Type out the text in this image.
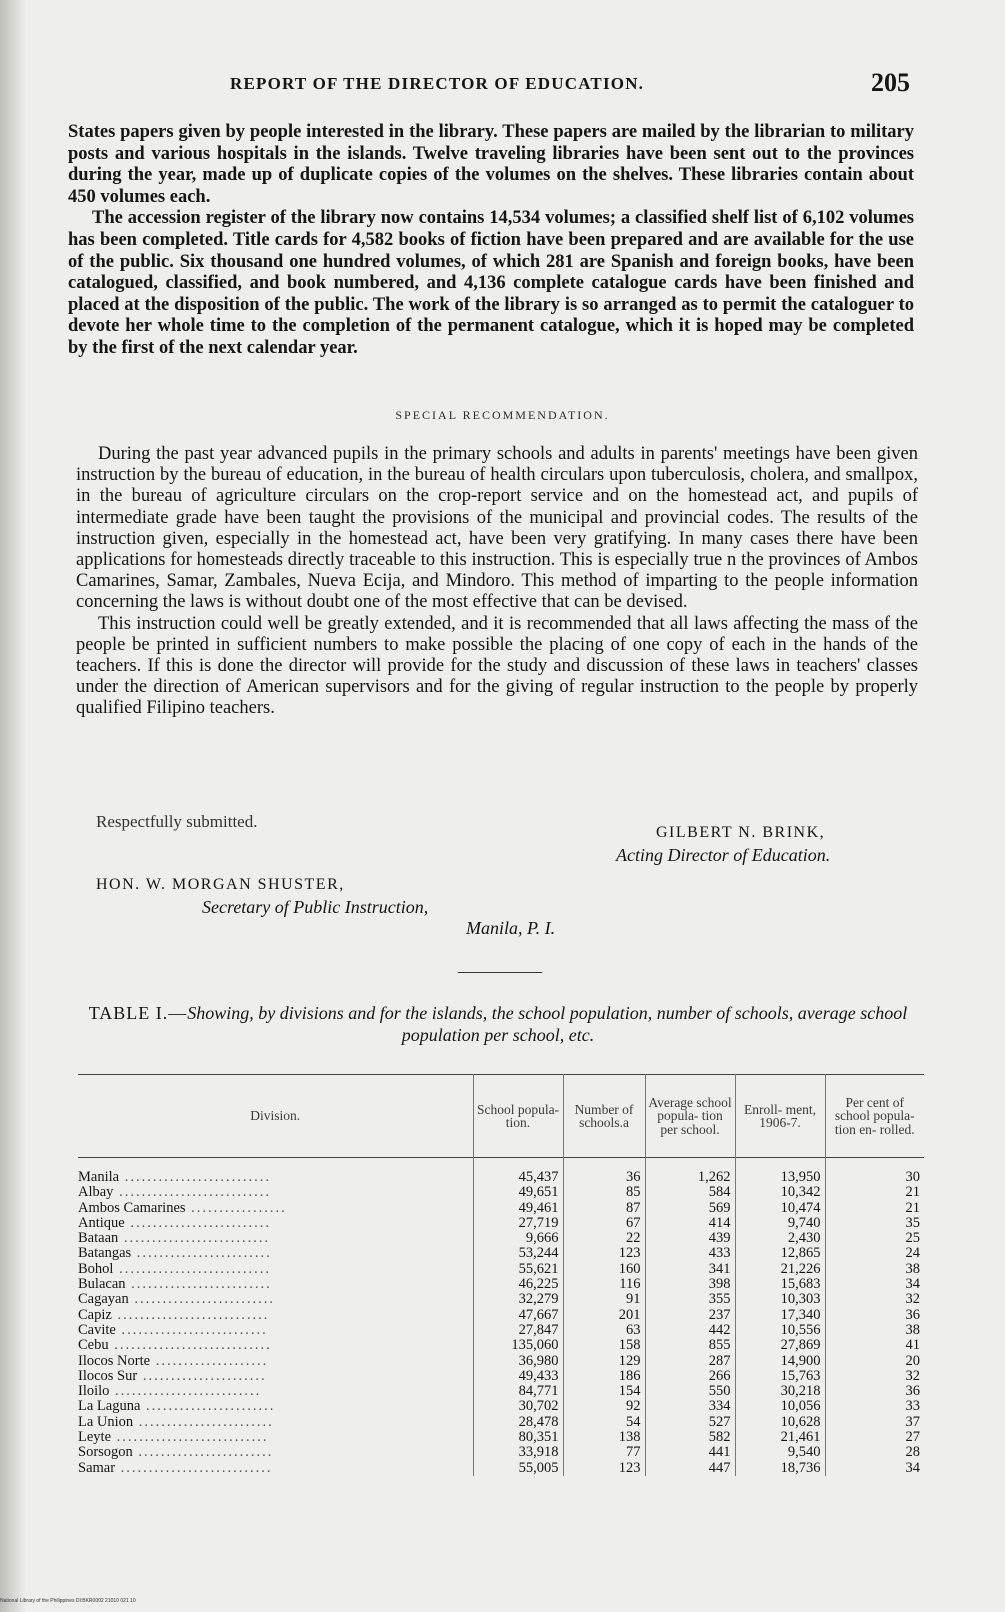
REPORT OF THE DIRECTOR OF EDUCATION.	205

States papers given by people interested in the library. These papers are mailed by the librarian to military posts and various hospitals in the islands. Twelve traveling libraries have been sent out to the provinces during the year, made up of duplicate copies of the volumes on the shelves. These libraries contain about 450 volumes each.

The accession register of the library now contains 14,534 volumes; a classified shelf list of 6,102 volumes has been completed. Title cards for 4,582 books of fiction have been prepared and are available for the use of the public. Six thousand one hundred volumes, of which 281 are Spanish and foreign books, have been catalogued, classified, and book numbered, and 4,136 complete catalogue cards have been finished and placed at the disposition of the public. The work of the library is so arranged as to permit the cataloguer to devote her whole time to the completion of the permanent catalogue, which it is hoped may be completed by the first of the next calendar year.

SPECIAL RECOMMENDATION.

During the past year advanced pupils in the primary schools and adults in parents' meetings have been given instruction by the bureau of education, in the bureau of health circulars upon tuberculosis, cholera, and smallpox, in the bureau of agriculture circulars on the crop-report service and on the homestead act, and pupils of intermediate grade have been taught the provisions of the municipal and provincial codes. The results of the instruction given, especially in the homestead act, have been very gratifying. In many cases there have been applications for homesteads directly traceable to this instruction. This is especially true n the provinces of Ambos Camarines, Samar, Zambales, Nueva Ecija, and Mindoro. This method of imparting to the people information concerning the laws is without doubt one of the most effective that can be devised.

This instruction could well be greatly extended, and it is recommended that all laws affecting the mass of the people be printed in sufficient numbers to make possible the placing of one copy of each in the hands of the teachers. If this is done the director will provide for the study and discussion of these laws in teachers' classes under the direction of American supervisors and for the giving of regular instruction to the people by properly qualified Filipino teachers.

Respectfully submitted.
GILBERT N. BRINK,
Acting Director of Education.
HON. W. MORGAN SHUSTER,
Secretary of Public Instruction,
Manila, P. I.
TABLE I.—Showing, by divisions and for the islands, the school population, number of schools, average school population per school, etc.
Division.	School popula- tion.	Number of schools.a	Average school popula- tion per school.	Enroll- ment, 1906-7.	Per cent of school popula- tion en- rolled.
Manila ..........................	45,437	36	1,262	13,950	30
Albay ...........................	49,651	85	584	10,342	21
Ambos Camarines .................	49,461	87	569	10,474	21
Antique .........................	27,719	67	414	9,740	35
Bataan ..........................	9,666	22	439	2,430	25
Batangas ........................	53,244	123	433	12,865	24
Bohol ...........................	55,621	160	341	21,226	38
Bulacan .........................	46,225	116	398	15,683	34
Cagayan .........................	32,279	91	355	10,303	32
Capiz ...........................	47,667	201	237	17,340	36
Cavite ..........................	27,847	63	442	10,556	38
Cebu ............................	135,060	158	855	27,869	41
Ilocos Norte ....................	36,980	129	287	14,900	20
Ilocos Sur ......................	49,433	186	266	15,763	32
Iloilo ..........................	84,771	154	550	30,218	36
La Laguna .......................	30,702	92	334	10,056	33
La Union ........................	28,478	54	527	10,628	37
Leyte ...........................	80,351	138	582	21,461	27
Sorsogon ........................	33,918	77	441	9,540	28
Samar ...........................	55,005	123	447	18,736	34
National Library of the Philippines DI:BKR0002 21010 021 10
